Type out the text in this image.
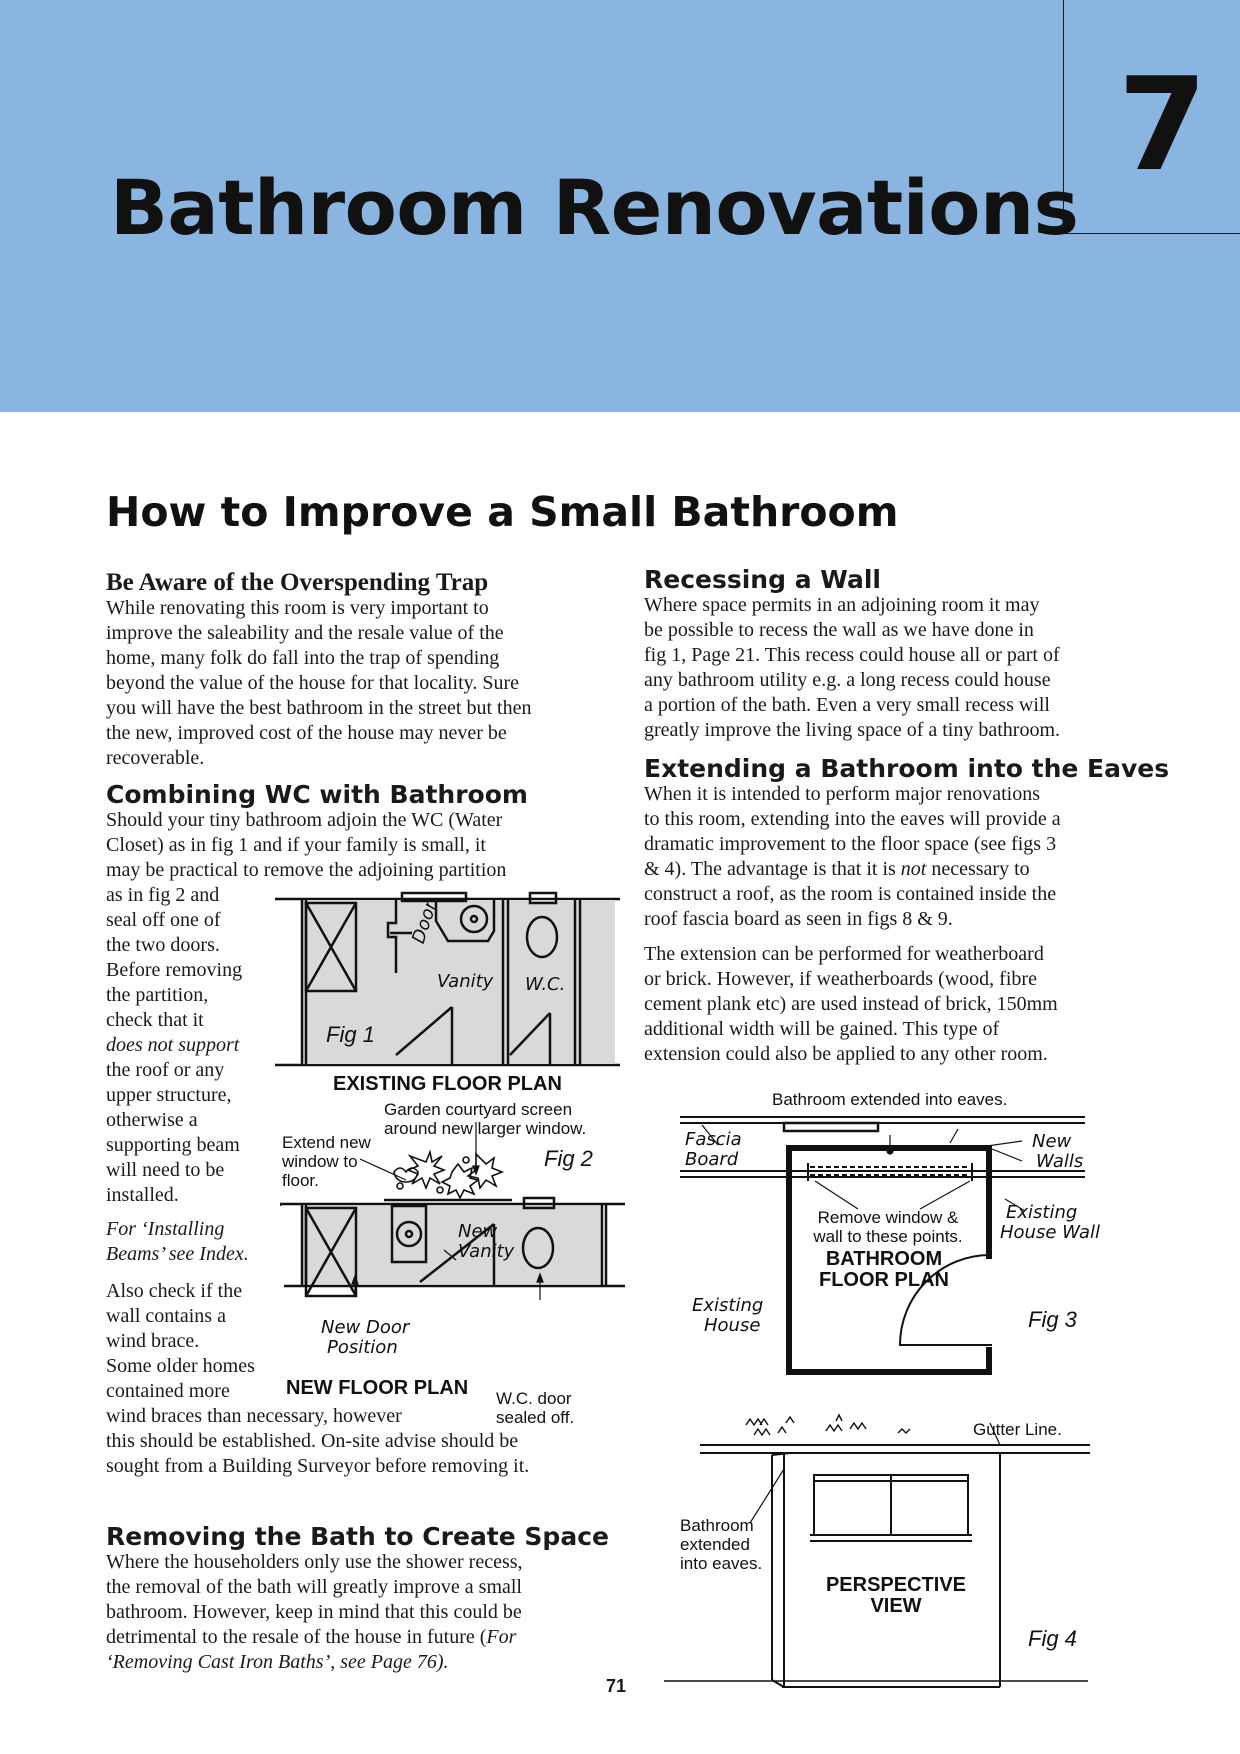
7
Bathroom Renovations
How to Improve a Small Bathroom
Be Aware of the Overspending Trap
While renovating this room is very important to
improve the saleability and the resale value of the
home, many folk do fall into the trap of spending
beyond the value of the house for that locality. Sure
you will have the best bathroom in the street but then
the new, improved cost of the house may never be
recoverable.
Combining WC with Bathroom
Should your tiny bathroom adjoin the WC (Water
Closet) as in fig 1 and if your family is small, it
may be practical to remove the adjoining partition
as in fig 2 and
seal off one of
the two doors.
Before removing
the partition,
check that it
does not support
the roof or any
upper structure,
otherwise a
supporting beam
will need to be
installed.
For ‘Installing
Beams’ see Index.
Also check if the
wall contains a
wind brace.
Some older homes
contained more
wind braces than necessary, however
this should be established. On-site advise should be
sought from a Building Surveyor before removing it.
Removing the Bath to Create Space
Where the householders only use the shower recess,
the removal of the bath will greatly improve a small
bathroom. However, keep in mind that this could be
detrimental to the resale of the house in future (For
‘Removing Cast Iron Baths’, see Page 76).
Recessing a Wall
Where space permits in an adjoining room it may
be possible to recess the wall as we have done in
fig 1, Page 21. This recess could house all or part of
any bathroom utility e.g. a long recess could house
a portion of the bath. Even a very small recess will
greatly improve the living space of a tiny bathroom.
Extending a Bathroom into the Eaves
When it is intended to perform major renovations
to this room, extending into the eaves will provide a
dramatic improvement to the floor space (see figs 3
& 4). The advantage is that it is not necessary to
construct a roof, as the room is contained inside the
roof fascia board as seen in figs 8 & 9.
The extension can be performed for weatherboard
or brick. However, if weatherboards (wood, fibre
cement plank etc) are used instead of brick, 150mm
additional width will be gained. This type of
extension could also be applied to any other room.
Door
Vanity W.C.
Fig 1
EXISTING FLOOR PLAN
Garden courtyard screen
around new larger window.
Extend new
window to
floor.
Fig 2
New
Vanity
New Door
Position
NEW FLOOR PLAN W.C. door
sealed off.
Bathroom extended into eaves.
Fascia
Board
New
Walls
Remove window &
wall to these points.
BATHROOM
FLOOR PLAN
Existing
House Wall
Existing
House	Fig 3
Gutter Line.
Bathroom
extended
into eaves.
PERSPECTIVE
VIEW
Fig 4
71
